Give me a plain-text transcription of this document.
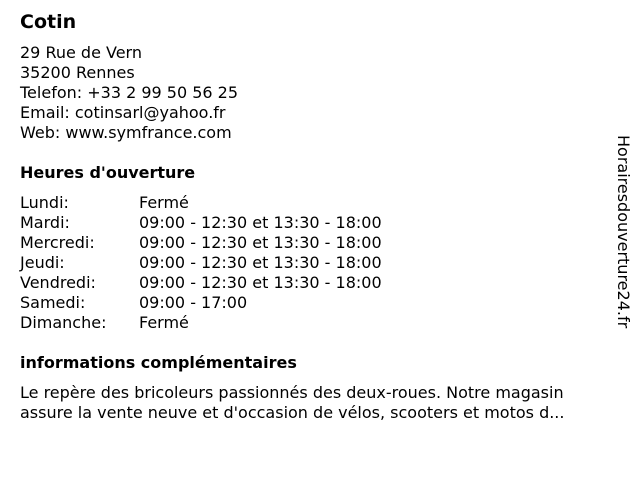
Cotin
29 Rue de Vern
35200 Rennes
Telefon: +33 2 99 50 56 25
Email: cotinsarl@yahoo.fr
Web: www.symfrance.com
Heures d'ouverture
Lundi:	Fermé
Mardi:	09:00 - 12:30 et 13:30 - 18:00
Mercredi:	09:00 - 12:30 et 13:30 - 18:00
Jeudi:	09:00 - 12:30 et 13:30 - 18:00
Vendredi:	09:00 - 12:30 et 13:30 - 18:00
Samedi:	09:00 - 17:00
Dimanche:	Fermé
informations complémentaires
Le repère des bricoleurs passionnés des deux-roues. Notre magasin assure la vente neuve et d'occasion de vélos, scooters et motos d...
Horairesdouverture24.fr
